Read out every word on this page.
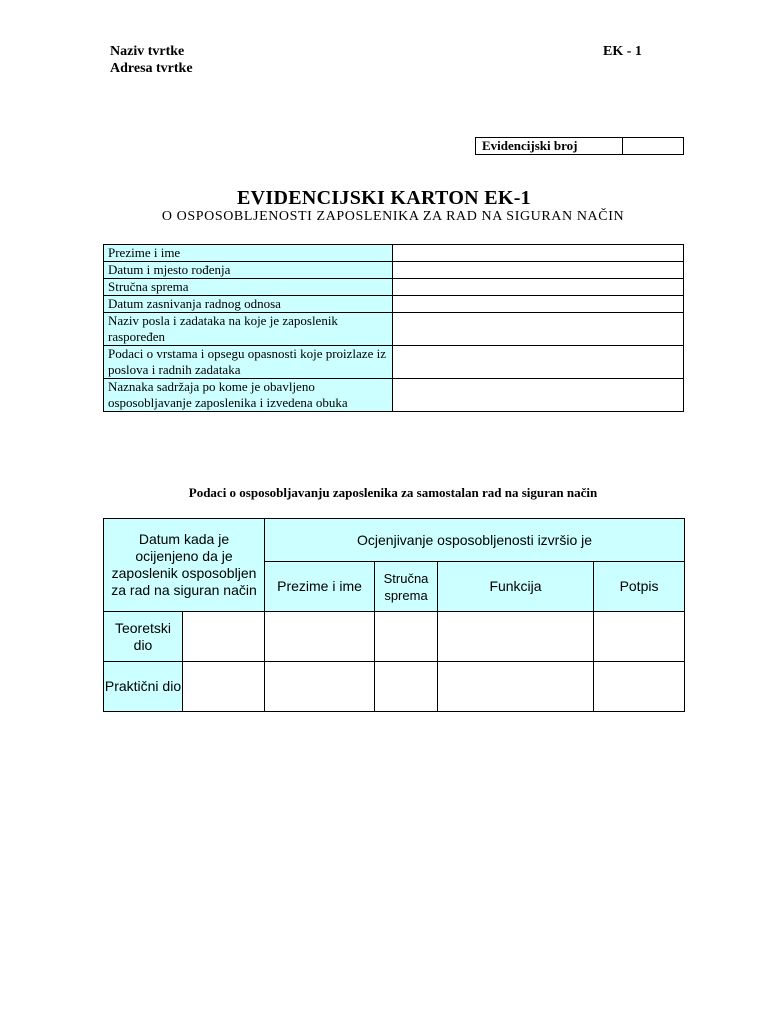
Naziv tvrtke
Adresa tvrtke
EK - 1
Evidencijski broj	
EVIDENCIJSKI KARTON EK-1
O OSPOSOBLJENOSTI ZAPOSLENIKA ZA RAD NA SIGURAN NAČIN
Prezime i ime	
Datum i mjesto rođenja	
Stručna sprema	
Datum zasnivanja radnog odnosa	
Naziv posla i zadataka na koje je zaposlenik raspoređen	
Podaci o vrstama i opsegu opasnosti koje proizlaze iz poslova i radnih zadataka	
Naznaka sadržaja po kome je obavljeno osposobljavanje zaposlenika i izvedena obuka	
Podaci o osposobljavanju zaposlenika za samostalan rad na siguran način
Datum kada je ocijenjeno da je zaposlenik osposobljen za rad na siguran način		Ocjenjivanje osposobljenosti izvršio je			
		Prezime i ime	Stručna sprema	Funkcija	Potpis
Teoretski dio					
Praktični dio					
